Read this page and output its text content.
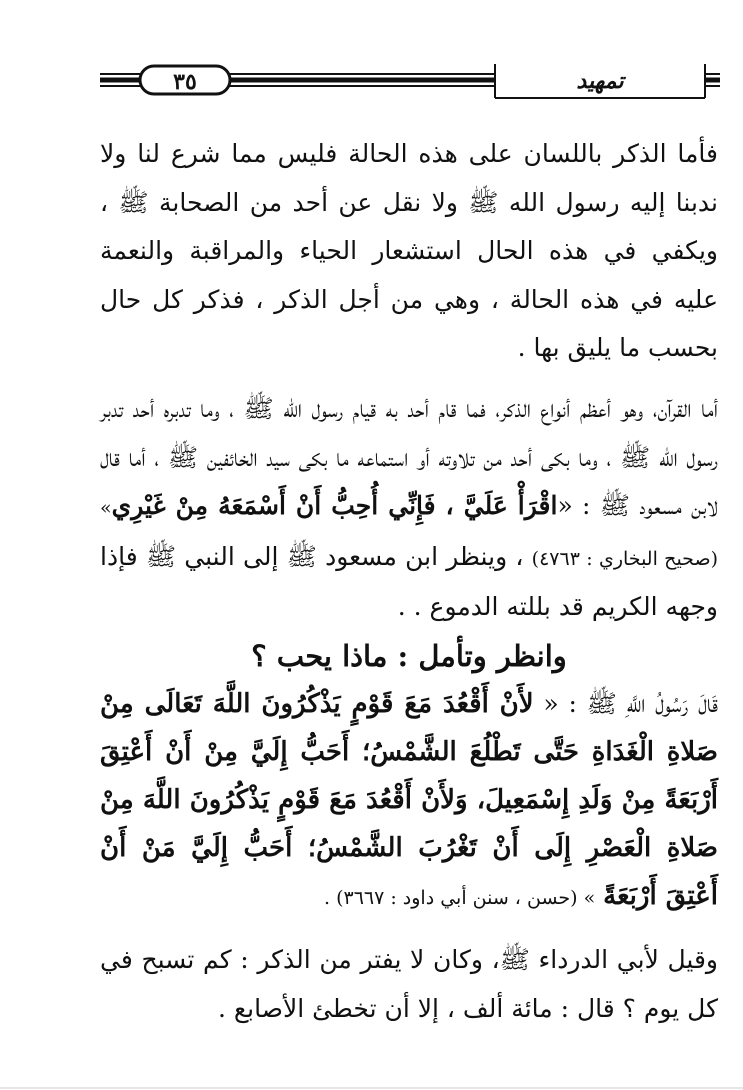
٣٥	تمهيد

فأما الذكر باللسان على هذه الحالة فليس مما شرع لنا ولا ندبنا إليه رسول الله ﷺ ولا نقل عن أحد من الصحابة ﷺ ، ويكفي في هذه الحال استشعار الحياء والمراقبة والنعمة عليه في هذه الحالة ، وهي من أجل الذكر ، فذكر كل حال بحسب ما يليق بها .

أما القرآن، وهو أعظم أنواع الذكر، فما قام أحد به قيام رسول الله ﷺ ، وما تدبره أحد تدبر رسول الله ﷺ ، وما بكى أحد من تلاوته أو استماعه ما بكى سيد الخائفين ﷺ ، أما قال لابن مسعود ﷺ : «اقْرَأْ عَلَيَّ ، فَإِنِّي أُحِبُّ أَنْ أَسْمَعَهُ مِنْ غَيْرِي» (صحيح البخاري : ٤٧٦٣) ، وينظر ابن مسعود ﷺ إلى النبي ﷺ فإذا وجهه الكريم قد بللته الدموع . .

وانظر وتأمل : ماذا يحب ؟

قَالَ رَسُولُ اللَّهِ ﷺ : « لأَنْ أَقْعُدَ مَعَ قَوْمٍ يَذْكُرُونَ اللَّهَ تَعَالَى مِنْ صَلاةِ الْغَدَاةِ حَتَّى تَطْلُعَ الشَّمْسُ؛ أَحَبُّ إِلَيَّ مِنْ أَنْ أَعْتِقَ أَرْبَعَةً مِنْ وَلَدِ إِسْمَعِيلَ، وَلأَنْ أَقْعُدَ مَعَ قَوْمٍ يَذْكُرُونَ اللَّهَ مِنْ صَلاةِ الْعَصْرِ إِلَى أَنْ تَغْرُبَ الشَّمْسُ؛ أَحَبُّ إِلَيَّ مَنْ أَنْ أَعْتِقَ أَرْبَعَةً » (حسن ، سنن أبي داود : ٣٦٦٧) .

وقيل لأبي الدرداء ﷺ، وكان لا يفتر من الذكر : كم تسبح في كل يوم ؟ قال : مائة ألف ، إلا أن تخطئ الأصابع .
